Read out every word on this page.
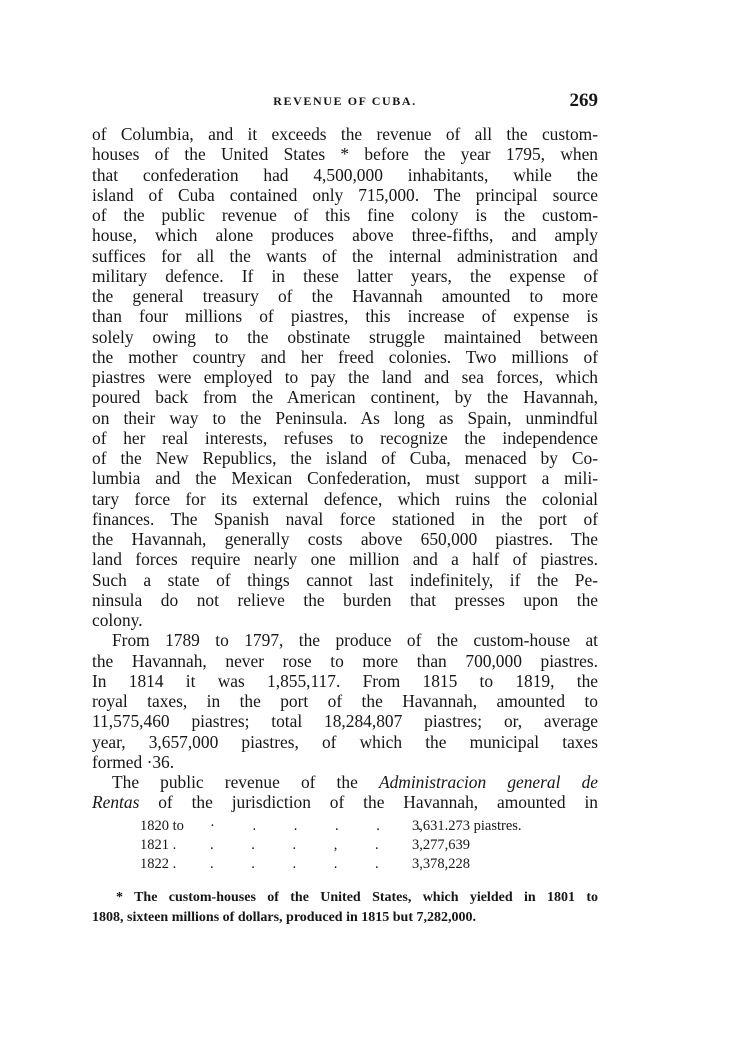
REVENUE OF CUBA.	269
of Columbia, and it exceeds the revenue of all the custom-
houses of the United States * before the year 1795, when
that confederation had 4,500,000 inhabitants, while the
island of Cuba contained only 715,000. The principal source
of the public revenue of this fine colony is the custom-
house, which alone produces above three-fifths, and amply
suffices for all the wants of the internal administration and
military defence. If in these latter years, the expense of
the general treasury of the Havannah amounted to more
than four millions of piastres, this increase of expense is
solely owing to the obstinate struggle maintained between
the mother country and her freed colonies. Two millions of
piastres were employed to pay the land and sea forces, which
poured back from the American continent, by the Havannah,
on their way to the Peninsula. As long as Spain, unmindful
of her real interests, refuses to recognize the independence
of the New Republics, the island of Cuba, menaced by Co-
lumbia and the Mexican Confederation, must support a mili-
tary force for its external defence, which ruins the colonial
finances. The Spanish naval force stationed in the port of
the Havannah, generally costs above 650,000 piastres. The
land forces require nearly one million and a half of piastres.
Such a state of things cannot last indefinitely, if the Pe-
ninsula do not relieve the burden that presses upon the
colony.
From 1789 to 1797, the produce of the custom-house at
the Havannah, never rose to more than 700,000 piastres.
In 1814 it was 1,855,117. From 1815 to 1819, the
royal taxes, in the port of the Havannah, amounted to
11,575,460 piastres; total 18,284,807 piastres; or, average
year, 3,657,000 piastres, of which the municipal taxes
formed ·36.
The public revenue of the Administracion general de
Rentas of the jurisdiction of the Havannah, amounted in
1820 to · . . . . .
3,631.273 piastres.
1821 . . . . , . 3,277,639
1822 . . . . . . 3,378,228
* The custom-houses of the United States, which yielded in 1801 to
1808, sixteen millions of dollars, produced in 1815 but 7,282,000.
